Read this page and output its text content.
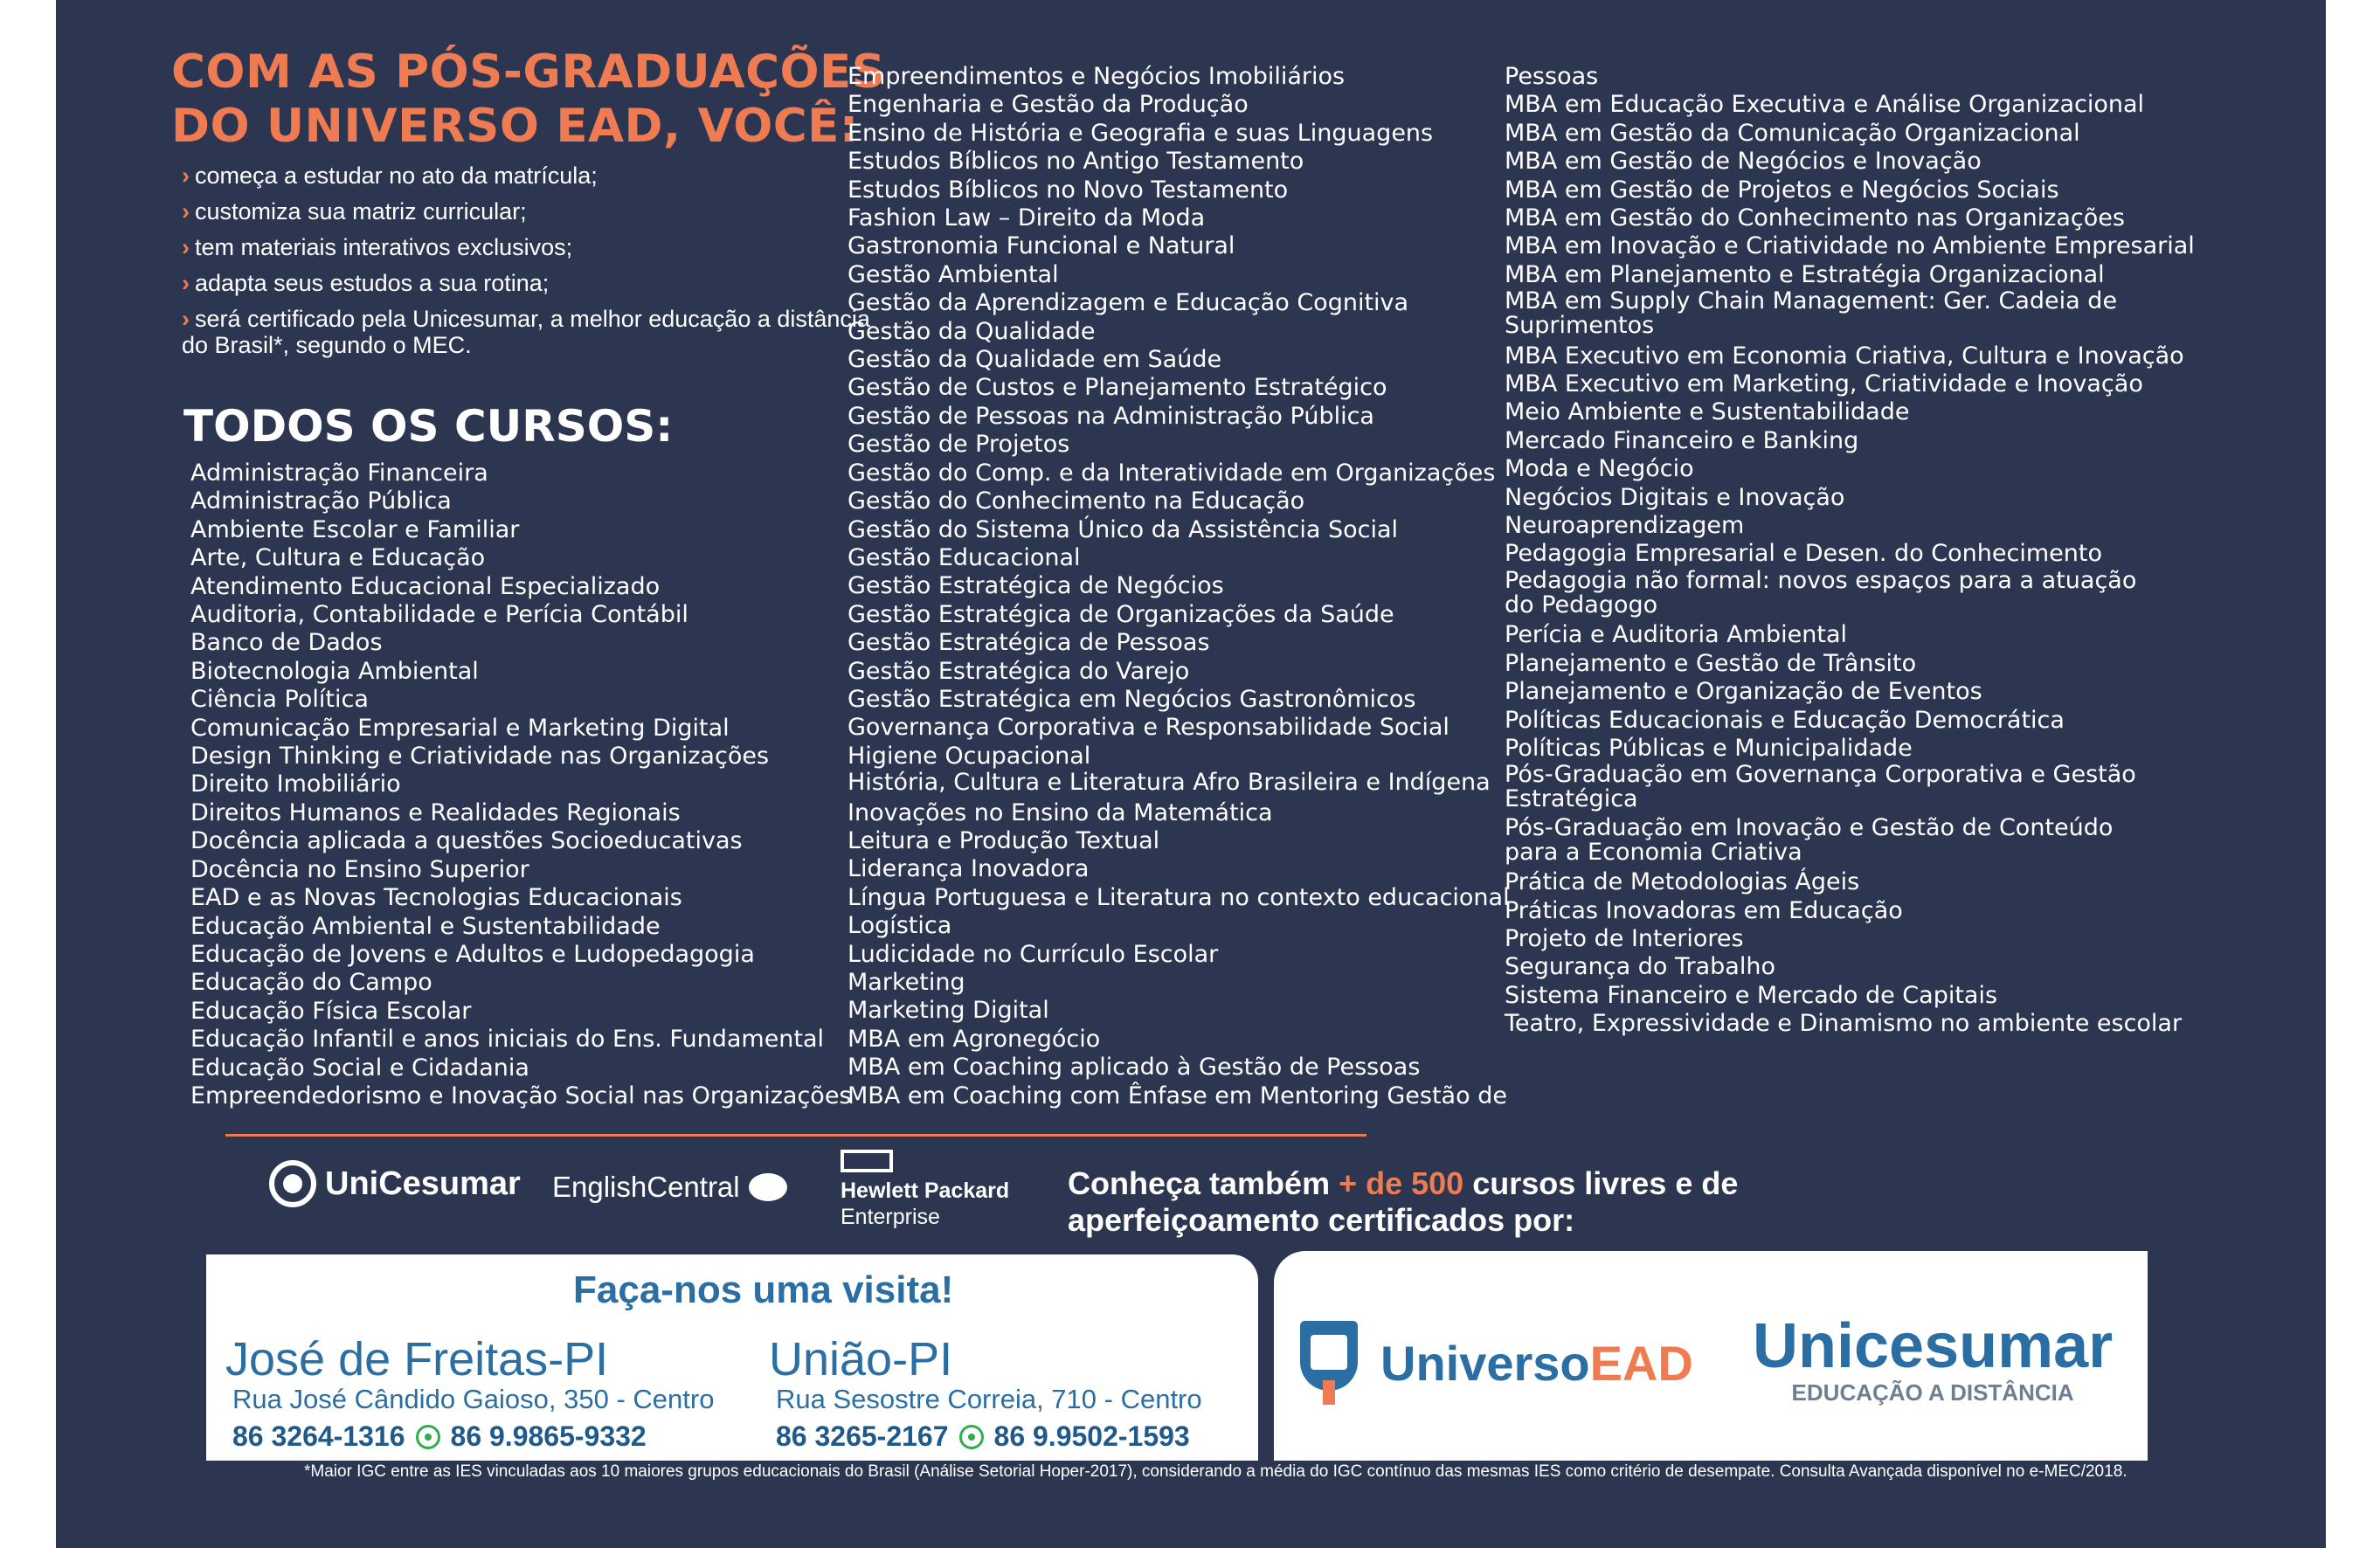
COM AS PÓS-GRADUAÇÕES
DO UNIVERSO EAD, VOCÊ:
› começa a estudar no ato da matrícula;
› customiza sua matriz curricular;
› tem materiais interativos exclusivos;
› adapta seus estudos a sua rotina;
› será certificado pela Unicesumar, a melhor educação a distância do Brasil*, segundo o MEC.
TODOS OS CURSOS:
Administração Financeira
Administração Pública
Ambiente Escolar e Familiar
Arte, Cultura e Educação
Atendimento Educacional Especializado
Auditoria, Contabilidade e Perícia Contábil
Banco de Dados
Biotecnologia Ambiental
Ciência Política
Comunicação Empresarial e Marketing Digital
Design Thinking e Criatividade nas Organizações
Direito Imobiliário
Direitos Humanos e Realidades Regionais
Docência aplicada a questões Socioeducativas
Docência no Ensino Superior
EAD e as Novas Tecnologias Educacionais
Educação Ambiental e Sustentabilidade
Educação de Jovens e Adultos e Ludopedagogia
Educação do Campo
Educação Física Escolar
Educação Infantil e anos iniciais do Ens. Fundamental
Educação Social e Cidadania
Empreendedorismo e Inovação Social nas Organizações
Empreendimentos e Negócios Imobiliários
Engenharia e Gestão da Produção
Ensino de História e Geografia e suas Linguagens
Estudos Bíblicos no Antigo Testamento
Estudos Bíblicos no Novo Testamento
Fashion Law – Direito da Moda
Gastronomia Funcional e Natural
Gestão Ambiental
Gestão da Aprendizagem e Educação Cognitiva
Gestão da Qualidade
Gestão da Qualidade em Saúde
Gestão de Custos e Planejamento Estratégico
Gestão de Pessoas na Administração Pública
Gestão de Projetos
Gestão do Comp. e da Interatividade em Organizações
Gestão do Conhecimento na Educação
Gestão do Sistema Único da Assistência Social
Gestão Educacional
Gestão Estratégica de Negócios
Gestão Estratégica de Organizações da Saúde
Gestão Estratégica de Pessoas
Gestão Estratégica do Varejo
Gestão Estratégica em Negócios Gastronômicos
Governança Corporativa e Responsabilidade Social
Higiene Ocupacional
História, Cultura e Literatura Afro Brasileira e Indígena
Inovações no Ensino da Matemática
Leitura e Produção Textual
Liderança Inovadora
Língua Portuguesa e Literatura no contexto educacional
Logística
Ludicidade no Currículo Escolar
Marketing
Marketing Digital
MBA em Agronegócio
MBA em Coaching aplicado à Gestão de Pessoas
MBA em Coaching com Ênfase em Mentoring Gestão de
Pessoas
MBA em Educação Executiva e Análise Organizacional
MBA em Gestão da Comunicação Organizacional
MBA em Gestão de Negócios e Inovação
MBA em Gestão de Projetos e Negócios Sociais
MBA em Gestão do Conhecimento nas Organizações
MBA em Inovação e Criatividade no Ambiente Empresarial
MBA em Planejamento e Estratégia Organizacional
MBA em Supply Chain Management: Ger. Cadeia de Suprimentos
MBA Executivo em Economia Criativa, Cultura e Inovação
MBA Executivo em Marketing, Criatividade e Inovação
Meio Ambiente e Sustentabilidade
Mercado Financeiro e Banking
Moda e Negócio
Negócios Digitais e Inovação
Neuroaprendizagem
Pedagogia Empresarial e Desen. do Conhecimento
Pedagogia não formal: novos espaços para a atuação do Pedagogo
Perícia e Auditoria Ambiental
Planejamento e Gestão de Trânsito
Planejamento e Organização de Eventos
Políticas Educacionais e Educação Democrática
Políticas Públicas e Municipalidade
Pós-Graduação em Governança Corporativa e Gestão Estratégica
Pós-Graduação em Inovação e Gestão de Conteúdo para a Economia Criativa
Prática de Metodologias Ágeis
Práticas Inovadoras em Educação
Projeto de Interiores
Segurança do Trabalho
Sistema Financeiro e Mercado de Capitais
Teatro, Expressividade e Dinamismo no ambiente escolar
UniCesumar EnglishCentral	Hewlett Packard
Enterprise

Conheça também + de 500 cursos livres e de aperfeiçoamento certificados por:

Faça-nos uma visita!

José de Freitas-PI

Rua José Cândido Gaioso, 350 - Centro

86 3264-1316 86 9.9865-9332

União-PI

Rua Sesostre Correia, 710 - Centro

86 3265-2167 86 9.9502-1593
UniversoEAD Unicesumar
EDUCAÇÃO A DISTÂNCIA

*Maior IGC entre as IES vinculadas aos 10 maiores grupos educacionais do Brasil (Análise Setorial Hoper-2017), considerando a média do IGC contínuo das mesmas IES como critério de desempate. Consulta Avançada disponível no e-MEC/2018.
